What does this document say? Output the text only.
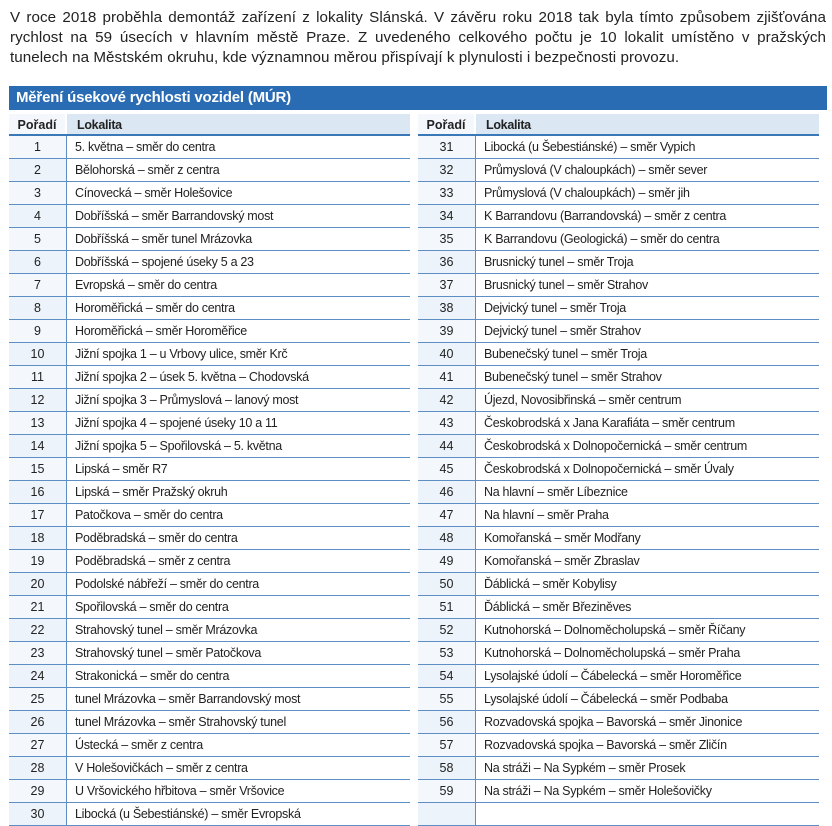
V roce 2018 proběhla demontáž zařízení z lokality Slánská. V závěru roku 2018 tak byla tímto způsobem zjišťována rychlost na 59 úsecích v hlavním městě Praze. Z uvedeného celkového počtu je 10 lokalit umístěno v pražských tunelech na Městském okruhu, kde významnou měrou přispívají k plynulosti i bezpečnosti provozu.
Měření úsekové rychlosti vozidel (MÚR)
Pořadí	Lokalita
1	5. května – směr do centra
2	Bělohorská – směr z centra
3	Cínovecká – směr Holešovice
4	Dobříšská – směr Barrandovský most
5	Dobříšská – směr tunel Mrázovka
6	Dobříšská – spojené úseky 5 a 23
7	Evropská – směr do centra
8	Horoměřická – směr do centra
9	Horoměřická – směr Horoměřice
10	Jižní spojka 1 – u Vrbovy ulice, směr Krč
11	Jižní spojka 2 – úsek 5. května – Chodovská
12	Jižní spojka 3 – Průmyslová – lanový most
13	Jižní spojka 4 – spojené úseky 10 a 11
14	Jižní spojka 5 – Spořilovská – 5. května
15	Lipská – směr R7
16	Lipská – směr Pražský okruh
17	Patočkova – směr do centra
18	Poděbradská – směr do centra
19	Poděbradská – směr z centra
20	Podolské nábřeží – směr do centra
21	Spořilovská – směr do centra
22	Strahovský tunel – směr Mrázovka
23	Strahovský tunel – směr Patočkova
24	Strakonická – směr do centra
25	tunel Mrázovka – směr Barrandovský most
26	tunel Mrázovka – směr Strahovský tunel
27	Ústecká – směr z centra
28	V Holešovičkách – směr z centra
29	U Vršovického hřbitova – směr Vršovice
30	Libocká (u Šebestiánské) – směr Evropská
Pořadí	Lokalita
31	Libocká (u Šebestiánské) – směr Vypich
32	Průmyslová (V chaloupkách) – směr sever
33	Průmyslová (V chaloupkách) – směr jih
34	K Barrandovu (Barrandovská) – směr z centra
35	K Barrandovu (Geologická) – směr do centra
36	Brusnický tunel – směr Troja
37	Brusnický tunel – směr Strahov
38	Dejvický tunel – směr Troja
39	Dejvický tunel – směr Strahov
40	Bubenečský tunel – směr Troja
41	Bubenečský tunel – směr Strahov
42	Újezd, Novosibřinská – směr centrum
43	Českobrodská x Jana Karafiáta – směr centrum
44	Českobrodská x Dolnopočernická – směr centrum
45	Českobrodská x Dolnopočernická – směr Úvaly
46	Na hlavní – směr Líbeznice
47	Na hlavní – směr Praha
48	Komořanská – směr Modřany
49	Komořanská – směr Zbraslav
50	Ďáblická – směr Kobylisy
51	Ďáblická – směr Březiněves
52	Kutnohorská – Dolnoměcholupská – směr Říčany
53	Kutnohorská – Dolnoměcholupská – směr Praha
54	Lysolajské údolí – Čábelecká – směr Horoměřice
55	Lysolajské údolí – Čábelecká – směr Podbaba
56	Rozvadovská spojka – Bavorská – směr Jinonice
57	Rozvadovská spojka – Bavorská – směr Zličín
58	Na stráži – Na Sypkém – směr Prosek
59	Na stráži – Na Sypkém – směr Holešovičky
